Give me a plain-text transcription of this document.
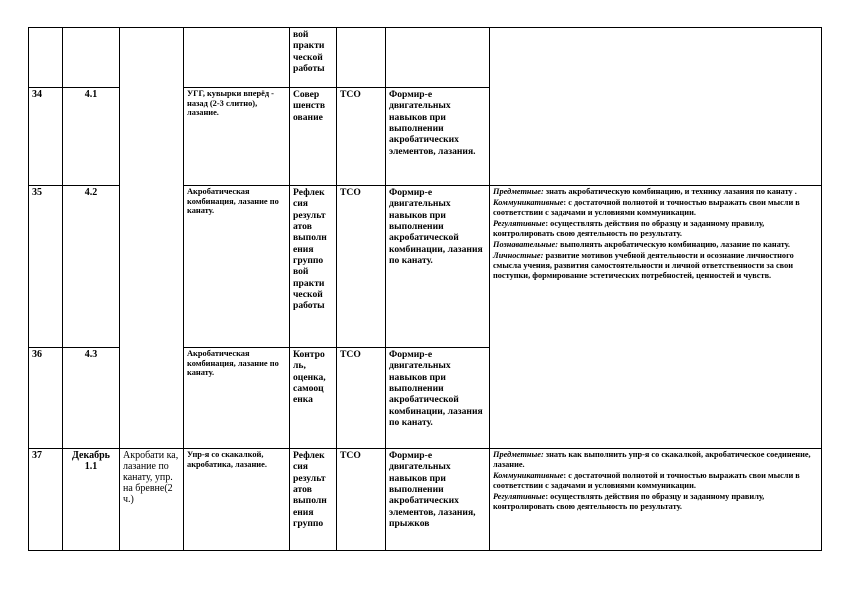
				вой практи ческой работы			
34	4.1		УГГ, кувырки вперёд - назад (2-3 слитно), лазание.	Совер шенств ование	ТСО	Формир-е двигательных навыков при выполнении акробатических элементов, лазания.	
35	4.2		Акробатическая комбинация, лазание по канату.	Рефлек сия результ атов выполн ения группо вой практи ческой работы	ТСО	Формир-е двигательных навыков при выполнении акробатической комбинации, лазания по канату.	Предметные: знать акробатическую комбинацию, и технику лазания по канату .

Коммуникативные: с достаточной полнотой и точностью выражать свои мысли в соответствии с задачами и условиями коммуникации.

Регулятивные: осуществлять действия по образцу и заданному правилу, контролировать свою деятельность по результату.

Познавательные: выполнять акробатическую комбинацию, лазание по канату.

Личностные: развитие мотивов учебной деятельности и осознание личностного смысла учения, развития самостоятельности и личной ответственности за свои поступки, формирование эстетических потребностей, ценностей и чувств.

36	4.3		Акробатическая комбинация, лазание по канату.	Контро ль, оценка, самооц енка	ТСО	Формир-е двигательных навыков при выполнении акробатической комбинации, лазания по канату.	
37	Декабрь 1.1	Акробати ка, лазание по канату, упр. на бревне(2 ч.)	Упр-я со скакалкой, акробатика, лазание.	Рефлек сия результ атов выполн ения группо	ТСО	Формир-е двигательных навыков при выполнении акробатических элементов, лазания, прыжков	Предметные: знать как выполнить упр-я со скакалкой, акробатическое соединение, лазание.

Коммуникативные: с достаточной полнотой и точностью выражать свои мысли в соответствии с задачами и условиями коммуникации.

Регулятивные: осуществлять действия по образцу и заданному правилу, контролировать свою деятельность по результату.
